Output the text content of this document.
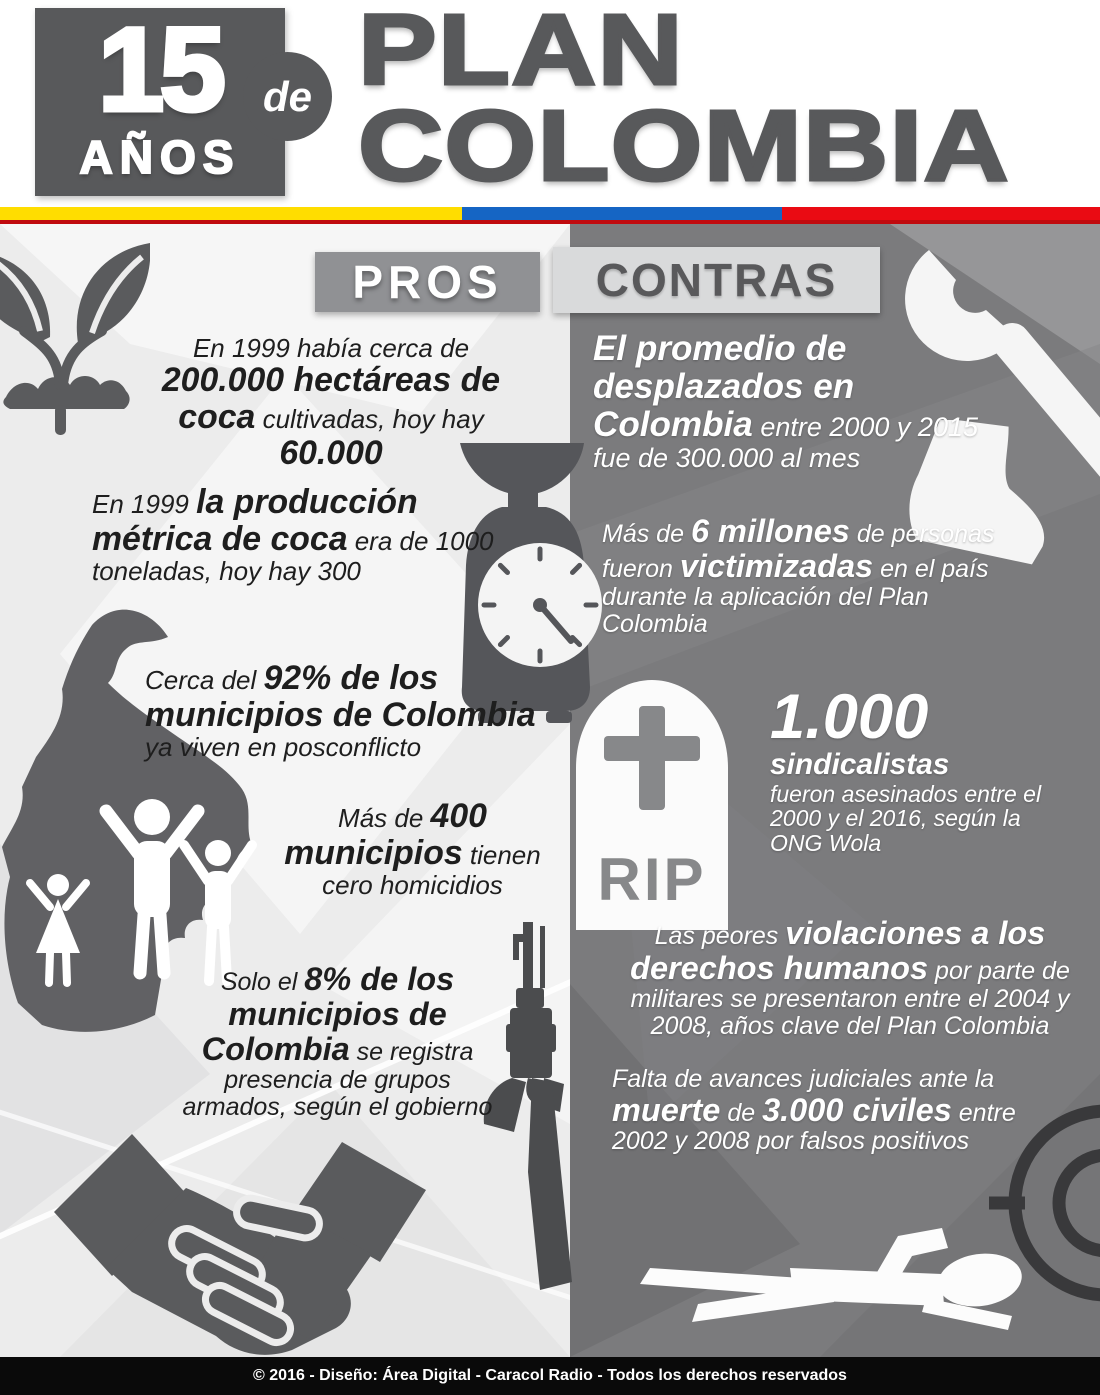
15
AÑOS
de PLAN
COLOMBIA
PROS CONTRAS
En 1999 había cerca de 200.000 hectáreas de coca cultivadas, hoy hay 60.000
En 1999 la producción métrica de coca era de 1000 toneladas, hoy hay 300
Cerca del 92% de los municipios de Colombia ya viven en posconflicto
Más de 400 municipios tienen cero homicidios
Solo el 8% de los municipios de Colombia se registra presencia de grupos armados, según el gobierno
El promedio de desplazados en Colombia entre 2000 y 2015 fue de 300.000 al mes
Más de 6 millones de personas fueron victimizadas en el país durante la aplicación del Plan Colombia
1.000
sindicalistas
fueron asesinados entre el 2000 y el 2016, según la ONG Wola
Las peores violaciones a los derechos humanos por parte de militares se presentaron entre el 2004 y 2008, años clave del Plan Colombia
Falta de avances judiciales ante la muerte de 3.000 civiles entre 2002 y 2008 por falsos positivos
RIP
© 2016 - Diseño: Área Digital - Caracol Radio - Todos los derechos reservados
